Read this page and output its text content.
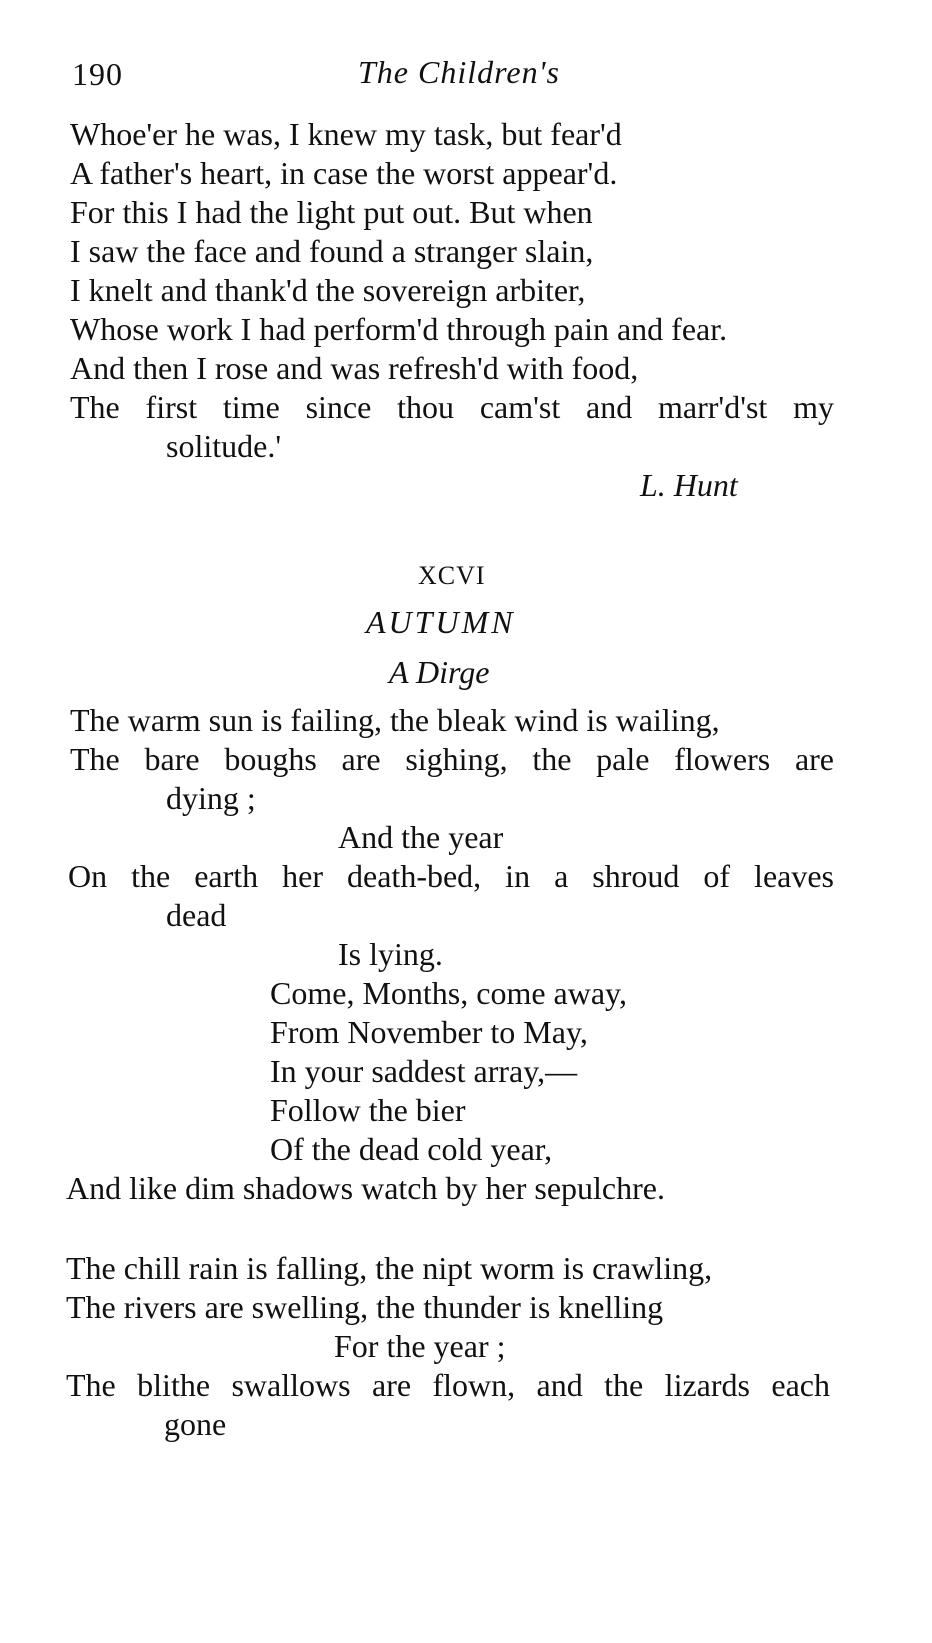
190	The Children's
Whoe'er he was, I knew my task, but fear'd
A father's heart, in case the worst appear'd.
For this I had the light put out. But when
I saw the face and found a stranger slain,
I knelt and thank'd the sovereign arbiter,
Whose work I had perform'd through pain and fear.
And then I rose and was refresh'd with food,
The first time since thou cam'st and marr'd'st my
solitude.'
L. Hunt
XCVI
AUTUMN
A Dirge
The warm sun is failing, the bleak wind is wailing,
The bare boughs are sighing, the pale flowers are
dying ;
And the year
On the earth her death-bed, in a shroud of leaves
dead
Is lying.
Come, Months, come away,
From November to May,
In your saddest array,—
Follow the bier
Of the dead cold year,
And like dim shadows watch by her sepulchre.
The chill rain is falling, the nipt worm is crawling,
The rivers are swelling, the thunder is knelling
For the year ;
The blithe swallows are flown, and the lizards each
gone
